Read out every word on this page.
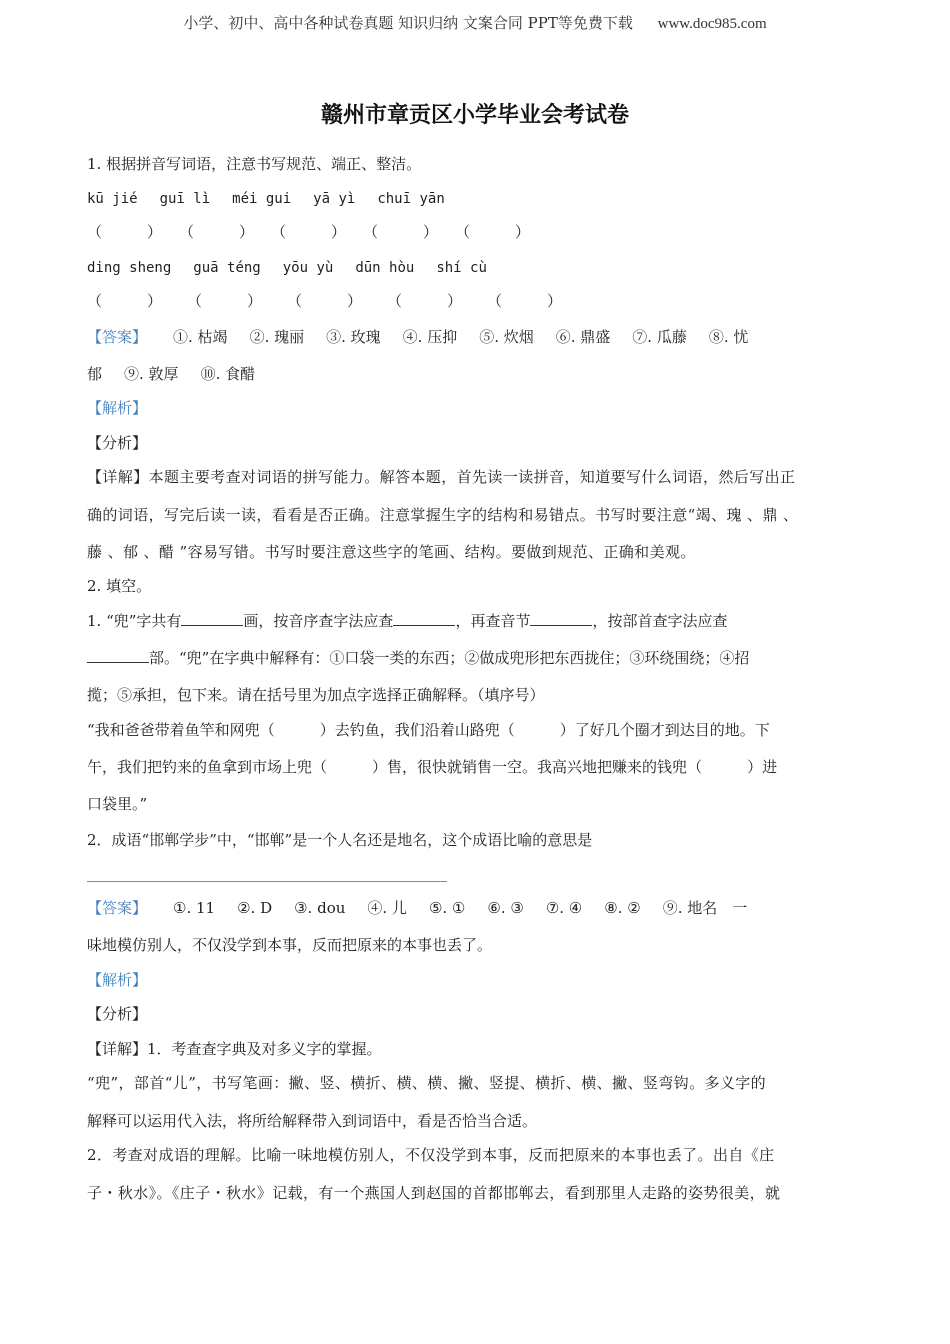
小学、初中、高中各种试卷真题 知识归纳 文案合同 PPT等免费下载 www.doc985.com
赣州市章贡区小学毕业会考试卷
1. 根据拼音写词语，注意书写规范、端正、整洁。
kū jié guī lì méi gui yā yì chuī yān
（　　　） （　　　） （　　　） （　　　） （　　　）
ding sheng guā téng yōu yù dūn hòu shí cù
（　　　） （　　　） （　　　） （　　　） （　　　）
【答案】 ①. 枯竭 ②. 瑰丽 ③. 玫瑰 ④. 压抑 ⑤. 炊烟 ⑥. 鼎盛 ⑦. 瓜藤 ⑧. 忧
郁 ⑨. 敦厚 ⑩. 食醋
【解析】
【分析】
【详解】本题主要考查对词语的拼写能力。解答本题，首先读一读拼音，知道要写什么词语，然后写出正
确的词语，写完后读一读，看看是否正确。注意掌握生字的结构和易错点。书写时要注意“竭、瑰 、鼎 、
藤 、郁 、醋 ”容易写错。书写时要注意这些字的笔画、结构。要做到规范、正确和美观。
2. 填空。
1. “兜”字共有	画，按音序查字法应查	，再查音节	，按部首查字法应查
部。“兜”在字典中解释有：①口袋一类的东西；②做成兜形把东西拢住；③环绕围绕；④招
揽；⑤承担，包下来。请在括号里为加点字选择正确解释。（填序号）
“我和爸爸带着鱼竿和网兜（　　　）去钓鱼，我们沿着山路兜（　　　）了好几个圈才到达目的地。下
午，我们把钓来的鱼拿到市场上兜（　　　）售，很快就销售一空。我高兴地把赚来的钱兜（　　　）进
口袋里。”
2．成语“邯郸学步”中，“邯郸”是一个人名还是地名，这个成语比喻的意思是
【答案】 ①. 11 ②. D ③. dou ④. 儿 ⑤. ① ⑥. ③ ⑦. ④ ⑧. ② ⑨. 地名　一
味地模仿别人，不仅没学到本事，反而把原来的本事也丢了。
【解析】
【分析】
【详解】1．考查查字典及对多义字的掌握。
“兜”，部首“儿”，书写笔画：撇、竖、横折、横、横、撇、竖提、横折、横、撇、竖弯钩。多义字的
解释可以运用代入法，将所给解释带入到词语中，看是否恰当合适。
2．考查对成语的理解。比喻一味地模仿别人，不仅没学到本事，反而把原来的本事也丢了。出自《庄
子・秋水》。《庄子・秋水》记载，有一个燕国人到赵国的首都邯郸去，看到那里人走路的姿势很美，就
